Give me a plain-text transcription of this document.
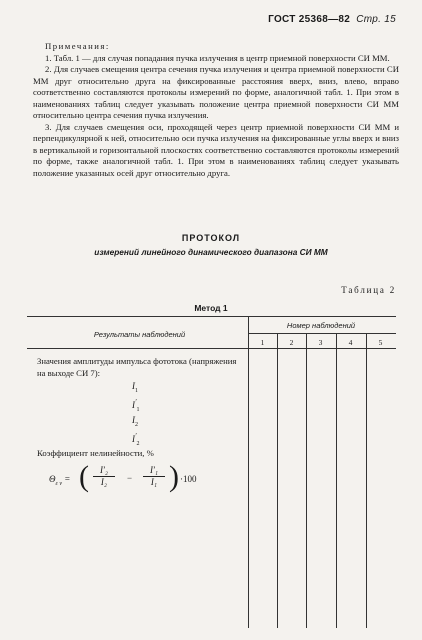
ГОСТ 25368—82 Стр. 15
Примечания:

1. Табл. 1 — для случая попадания пучка излучения в центр приемной поверхности СИ ММ.

2. Для случаев смещения центра сечения пучка излучения и центра приемной поверхности СИ ММ друг относительно друга на фиксированные расстояния вверх, вниз, влево, вправо соответственно составляются протоколы измерений по форме, аналогичной табл. 1. При этом в наименованиях таблиц следует указывать положение центра приемной поверхности СИ ММ относительно центра сечения пучка излучения.

3. Для случаев смещения оси, проходящей через центр приемной поверхности СИ ММ и перпендикулярной к ней, относительно оси пучка излучения на фиксированные углы вверх и вниз в вертикальной и горизонтальной плоскостях соответственно составляются протоколы измерений по форме, также аналогичной табл. 1. При этом в наименованиях таблиц следует указывать положение указанных осей друг относительно друга.

ПРОТОКОЛ
измерений линейного динамического диапазона СИ ММ
Таблица 2
Метод 1
Результаты наблюдений
Номер наблюдений
1	2	3	4	5
Значения амплитуды импульса фототока (напряжения на выходе СИ 7):
$I_1$
$I'_1$
$I_2$
$I'_2$
Коэффициент нелинейности, %
$\Theta_{\varepsilon v}$ = ( $\frac{\text{I′₂}}{\text{I₂}} - \frac{\text{I′₁}}{\text{I₁}}$ ) ·100
